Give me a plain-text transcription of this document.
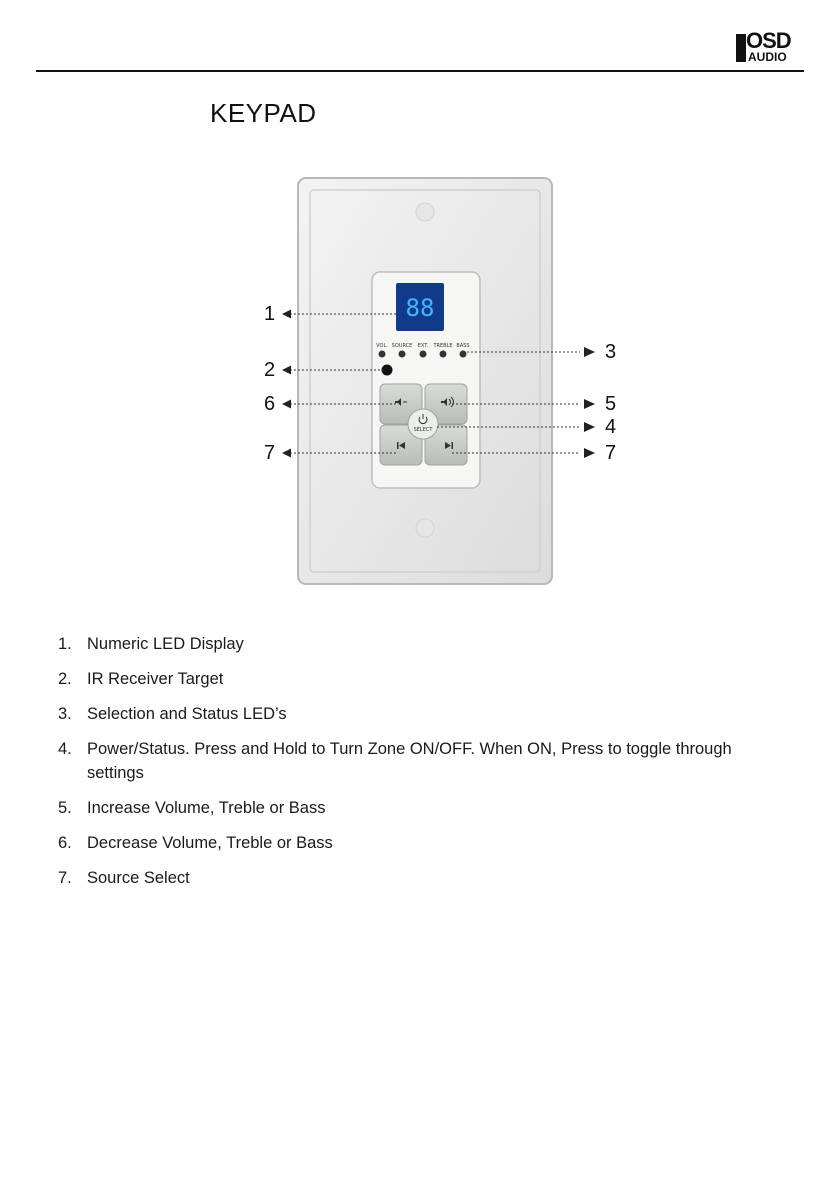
OSD
AUDIO
KEYPAD
88
VOL. SOURCE EXT. TREBLE BASS
SELECT
1
2
6
7
3
5
4
7
1. Numeric LED Display
2. IR Receiver Target
3. Selection and Status LED’s
4. Power/Status. Press and Hold to Turn Zone ON/OFF. When ON, Press to toggle through settings
5. Increase Volume, Treble or Bass
6. Decrease Volume, Treble or Bass
7. Source Select
